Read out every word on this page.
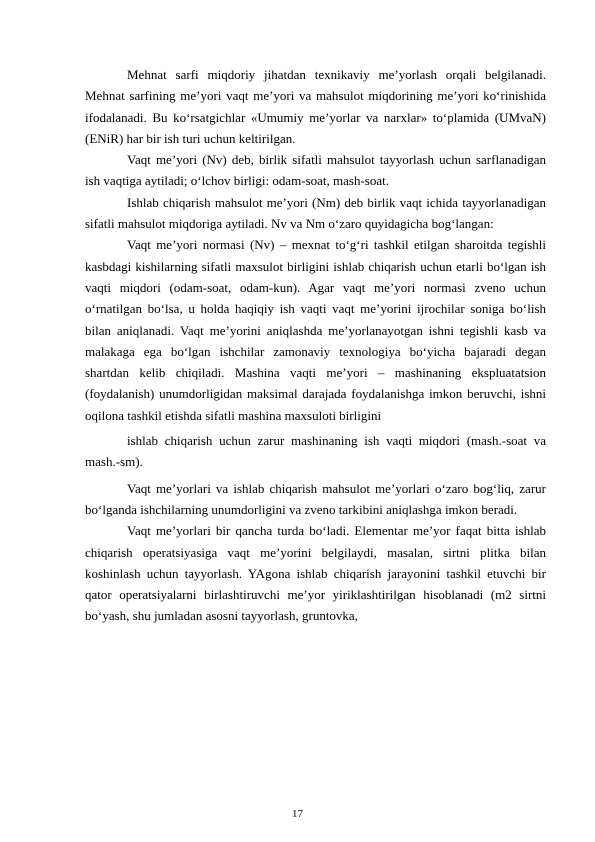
Mehnat sarfi miqdoriy jihatdan texnikaviy me’yorlash orqali belgilanadi. Mehnat sarfining me’yori vaqt me’yori va mahsulot miqdorining me’yori ko‘rinishida ifodalanadi. Bu ko‘rsatgichlar «Umumiy me’yorlar va narxlar» to‘plamida (UMvaN) (ENiR) har bir ish turi uchun keltirilgan.

Vaqt me’yori (Nv) deb, birlik sifatli mahsulot tayyorlash uchun sarflanadigan ish vaqtiga aytiladi; o‘lchov birligi: odam-soat, mash-soat.

Ishlab chiqarish mahsulot me’yori (Nm) deb birlik vaqt ichida tayyorlanadigan sifatli mahsulot miqdoriga aytiladi. Nv va Nm o‘zaro quyidagicha bog‘langan:

Vaqt me’yori normasi (Nv) – mexnat to‘g‘ri tashkil etilgan sharoitda tegishli kasbdagi kishilarning sifatli maxsulot birligini ishlab chiqarish uchun etarli bo‘lgan ish vaqti miqdori (odam-soat, odam-kun). Agar vaqt me’yori normasi zveno uchun o‘rnatilgan bo‘lsa, u holda haqiqiy ish vaqti vaqt me’yorini ijrochilar soniga bo‘lish bilan aniqlanadi. Vaqt me’yorini aniqlashda me’yorlanayotgan ishni tegishli kasb va malakaga ega bo‘lgan ishchilar zamonaviy texnologiya bo‘yicha bajaradi degan shartdan kelib chiqiladi. Mashina vaqti me’yori – mashinaning ekspluatatsion (foydalanish) unumdorligidan maksimal darajada foydalanishga imkon beruvchi, ishni oqilona tashkil etishda sifatli mashina maxsuloti birligini

ishlab chiqarish uchun zarur mashinaning ish vaqti miqdori (mash.-soat va mash.-sm).

Vaqt me’yorlari va ishlab chiqarish mahsulot me’yorlari o‘zaro bog‘liq, zarur bo‘lganda ishchilarning unumdorligini va zveno tarkibini aniqlashga imkon beradi.

Vaqt me’yorlari bir qancha turda bo‘ladi. Elementar me’yor faqat bitta ishlab chiqarish operatsiyasiga vaqt me’yorini belgilaydi, masalan, sirtni plitka bilan koshinlash uchun tayyorlash. YAgona ishlab chiqarish jarayonini tashkil etuvchi bir qator operatsiyalarni birlashtiruvchi me’yor yiriklashtirilgan hisoblanadi (m2 sirtni bo‘yash, shu jumladan asosni tayyorlash, gruntovka,

17
